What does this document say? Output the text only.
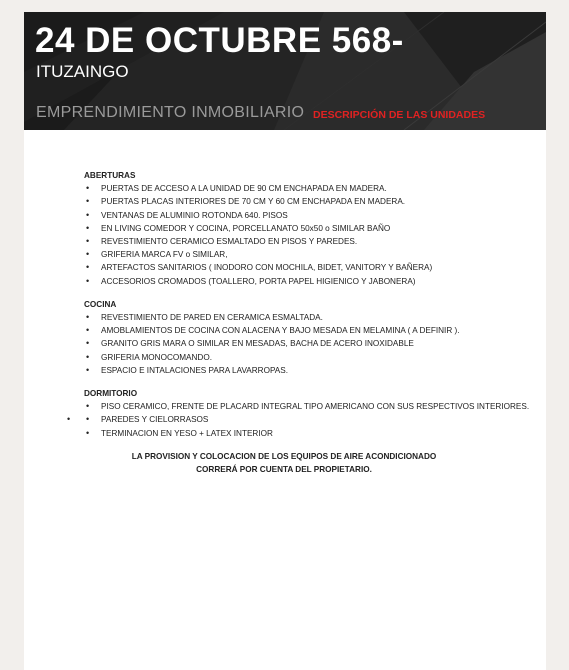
24 DE OCTUBRE 568-
ITUZAINGO
EMPRENDIMIENTO INMOBILIARIO DESCRIPCIÓN DE LAS UNIDADES
ABERTURAS
• PUERTAS DE ACCESO A LA UNIDAD DE 90 CM ENCHAPADA EN MADERA.
• PUERTAS PLACAS INTERIORES DE 70 CM Y 60 CM ENCHAPADA EN MADERA.
• VENTANAS DE ALUMINIO ROTONDA 640. PISOS
• EN LIVING COMEDOR Y COCINA, PORCELLANATO 50x50 o SIMILAR BAÑO
• REVESTIMIENTO CERAMICO ESMALTADO EN PISOS Y PAREDES.
• GRIFERIA MARCA FV o SIMILAR,
• ARTEFACTOS SANITARIOS ( INODORO CON MOCHILA, BIDET, VANITORY Y BAÑERA)
• ACCESORIOS CROMADOS (TOALLERO, PORTA PAPEL HIGIENICO Y JABONERA)
COCINA
• REVESTIMIENTO DE PARED EN CERAMICA ESMALTADA.
• AMOBLAMIENTOS DE COCINA CON ALACENA Y BAJO MESADA EN MELAMINA ( A DEFINIR ).
• GRANITO GRIS MARA O SIMILAR EN MESADAS, BACHA DE ACERO INOXIDABLE
• GRIFERIA MONOCOMANDO.
• ESPACIO E INTALACIONES PARA LAVARROPAS.
DORMITORIO
• PISO CERAMICO, FRENTE DE PLACARD INTEGRAL TIPO AMERICANO CON SUS RESPECTIVOS INTERIORES.
• •	PAREDES Y CIELORRASOS
• TERMINACION EN YESO + LATEX INTERIOR
LA PROVISION Y COLOCACION DE LOS EQUIPOS DE AIRE ACONDICIONADO
CORRERÁ POR CUENTA DEL PROPIETARIO.
